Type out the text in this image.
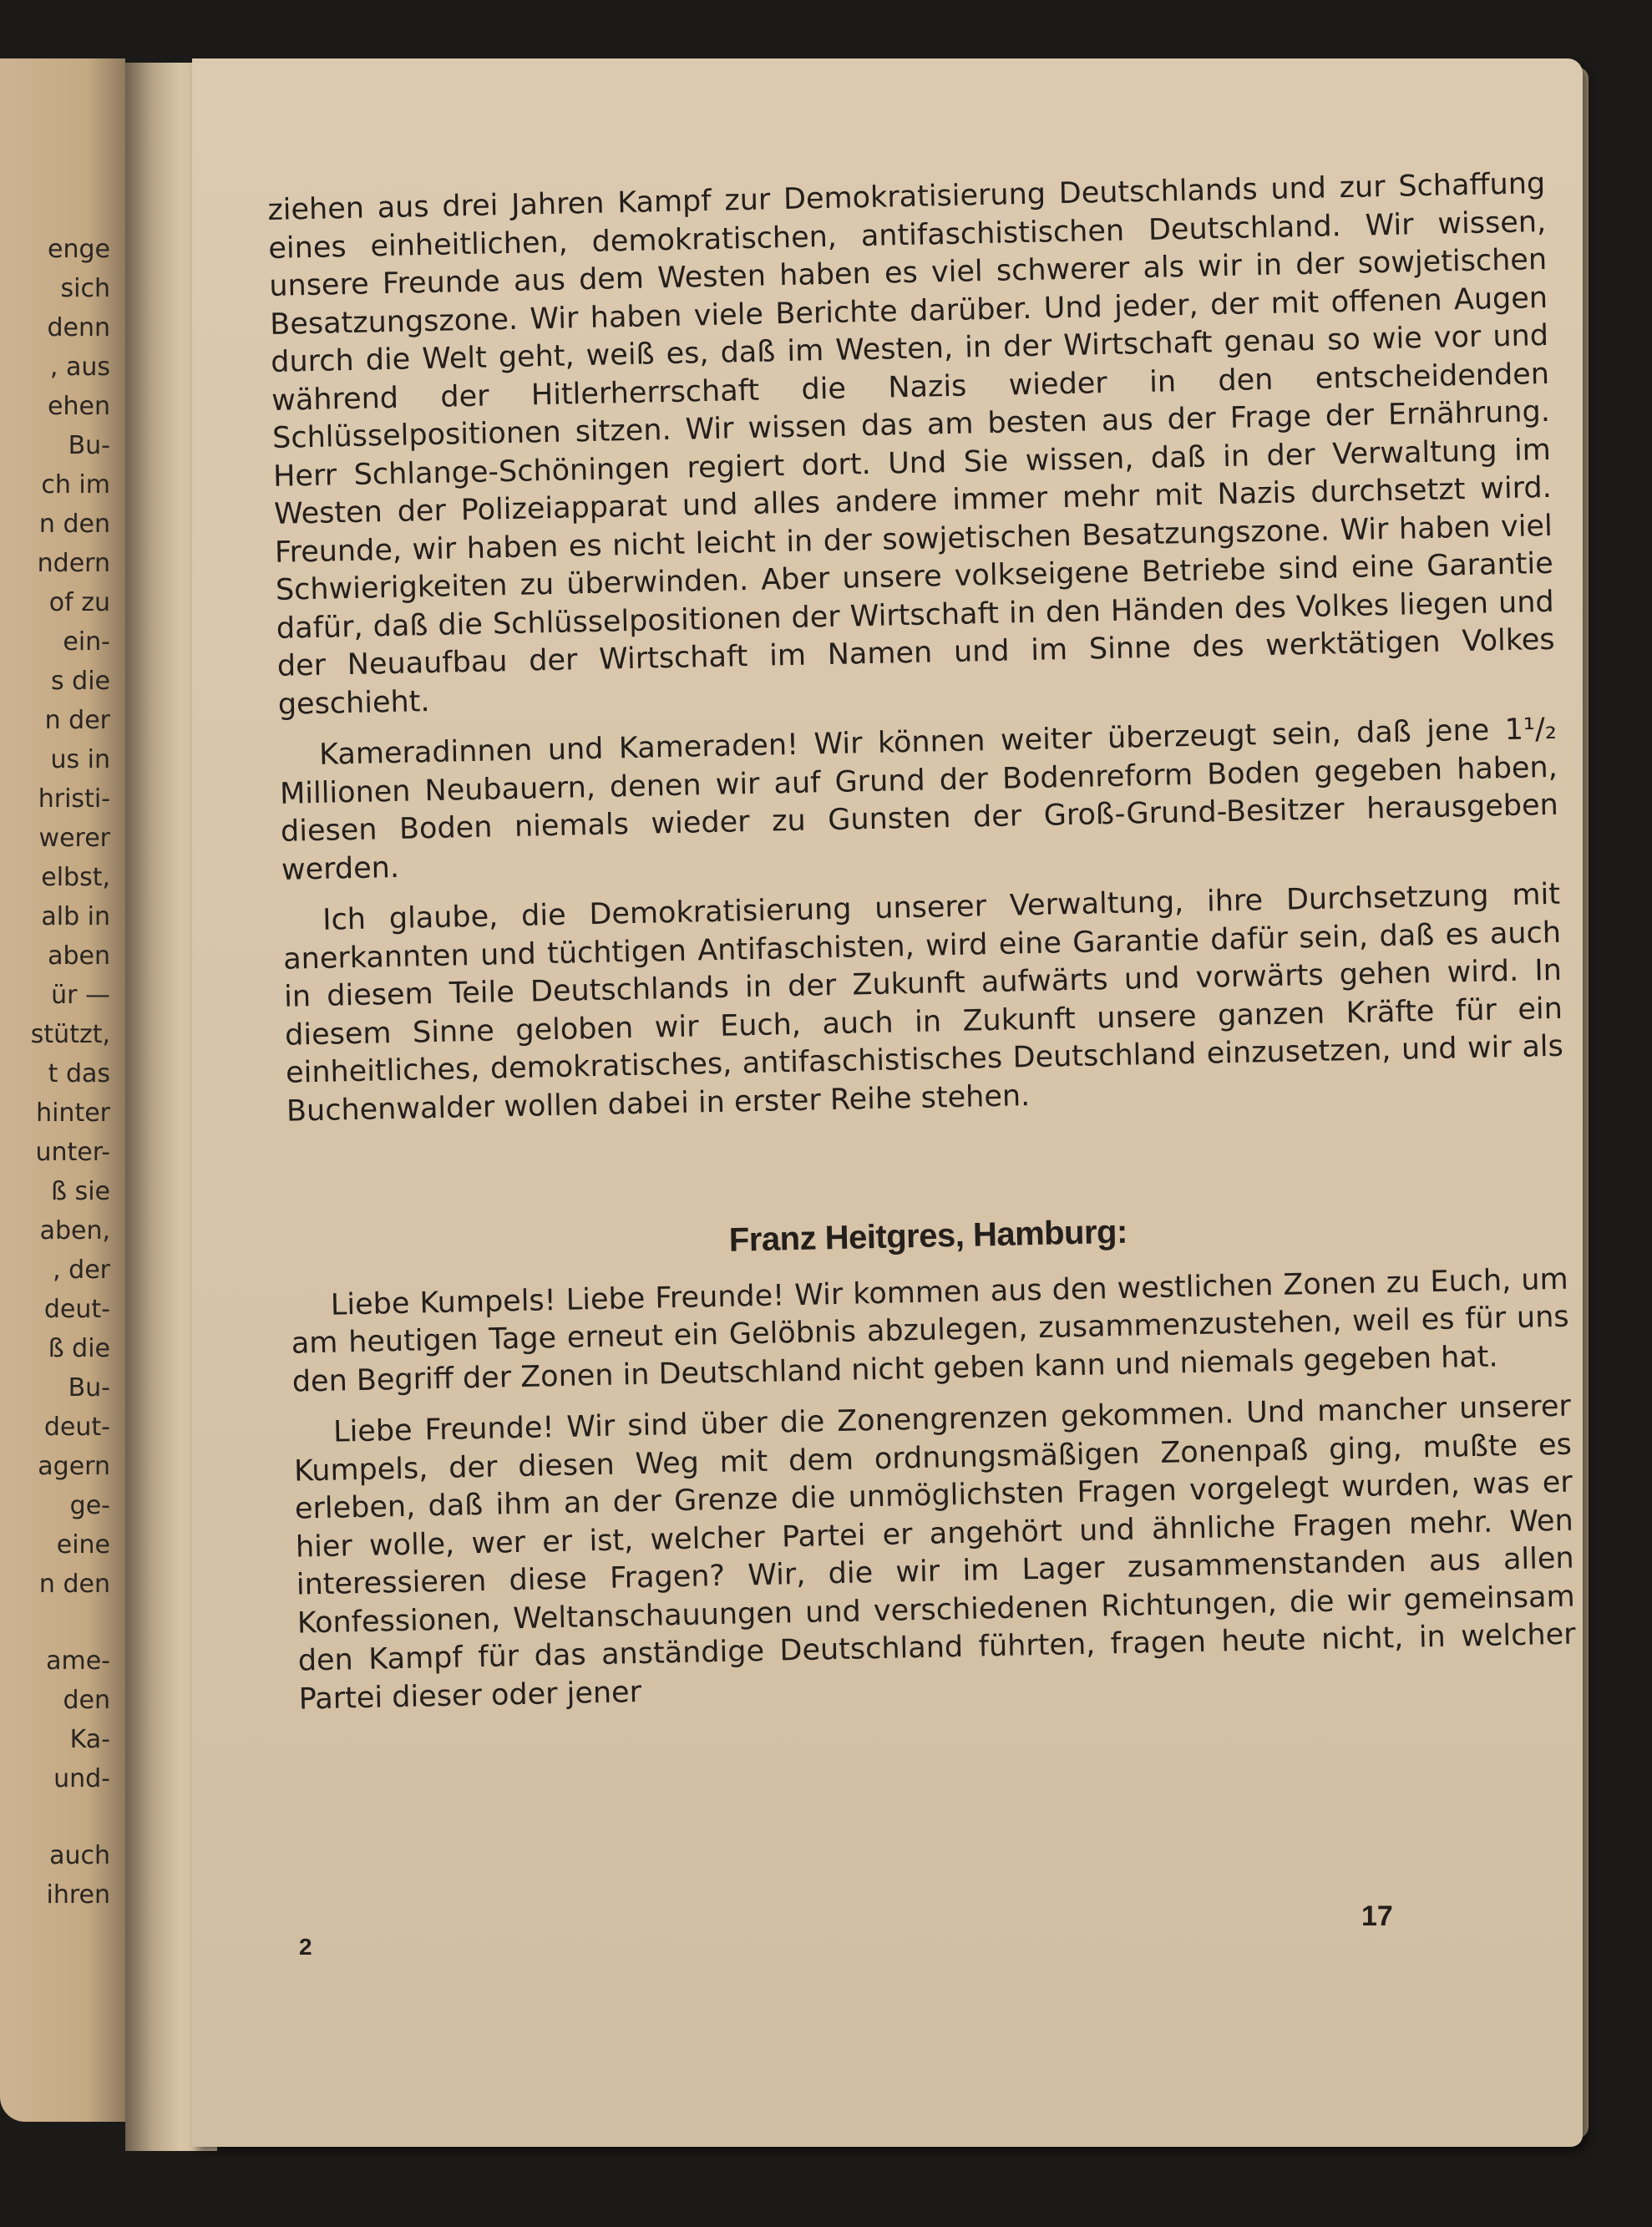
enge
sich
denn
, aus
ehen
Bu-
ch im
n den
ndern
of zu
ein-
s die
n der
us in
hristi-
werer
elbst,
alb in
aben
ür —
stützt,
t das
hinter
unter-
ß sie
aben,
, der
deut-
ß die
Bu-
deut-
agern
ge-
eine
n den
ame-
den
Ka-
und-
auch
ihren

ziehen aus drei Jahren Kampf zur Demokratisierung Deutschlands und zur Schaffung eines einheitlichen, demokratischen, antifaschistischen Deutschland. Wir wissen, unsere Freunde aus dem Westen haben es viel schwerer als wir in der sowjetischen Besatzungszone. Wir haben viele Berichte darüber. Und jeder, der mit offenen Augen durch die Welt geht, weiß es, daß im Westen, in der Wirtschaft genau so wie vor und während der Hitlerherrschaft die Nazis wieder in den entscheidenden Schlüsselpositionen sitzen. Wir wissen das am besten aus der Frage der Ernährung. Herr Schlange-Schöningen regiert dort. Und Sie wissen, daß in der Verwaltung im Westen der Polizeiapparat und alles andere immer mehr mit Nazis durchsetzt wird. Freunde, wir haben es nicht leicht in der sowjetischen Besatzungszone. Wir haben viel Schwierigkeiten zu überwinden. Aber unsere volkseigene Betriebe sind eine Garantie dafür, daß die Schlüsselpositionen der Wirtschaft in den Händen des Volkes liegen und der Neuaufbau der Wirtschaft im Namen und im Sinne des werktätigen Volkes geschieht.

Kameradinnen und Kameraden! Wir können weiter überzeugt sein, daß jene 1¹/₂ Millionen Neubauern, denen wir auf Grund der Bodenreform Boden gegeben haben, diesen Boden niemals wieder zu Gunsten der Groß-Grund-Besitzer herausgeben werden.

Ich glaube, die Demokratisierung unserer Verwaltung, ihre Durchsetzung mit anerkannten und tüchtigen Antifaschisten, wird eine Garantie dafür sein, daß es auch in diesem Teile Deutschlands in der Zukunft aufwärts und vorwärts gehen wird. In diesem Sinne geloben wir Euch, auch in Zukunft unsere ganzen Kräfte für ein einheitliches, demokratisches, antifaschistisches Deutschland einzusetzen, und wir als Buchenwalder wollen dabei in erster Reihe stehen.

Franz Heitgres, Hamburg:

Liebe Kumpels! Liebe Freunde! Wir kommen aus den westlichen Zonen zu Euch, um am heutigen Tage erneut ein Gelöbnis abzulegen, zusammenzustehen, weil es für uns den Begriff der Zonen in Deutschland nicht geben kann und niemals gegeben hat.

Liebe Freunde! Wir sind über die Zonengrenzen gekommen. Und mancher unserer Kumpels, der diesen Weg mit dem ordnungsmäßigen Zonenpaß ging, mußte es erleben, daß ihm an der Grenze die unmöglichsten Fragen vorgelegt wurden, was er hier wolle, wer er ist, welcher Partei er angehört und ähnliche Fragen mehr. Wen interessieren diese Fragen? Wir, die wir im Lager zusammenstanden aus allen Konfessionen, Weltanschauungen und verschiedenen Richtungen, die wir gemeinsam den Kampf für das anständige Deutschland führten, fragen heute nicht, in welcher Partei dieser oder jener

2
17
